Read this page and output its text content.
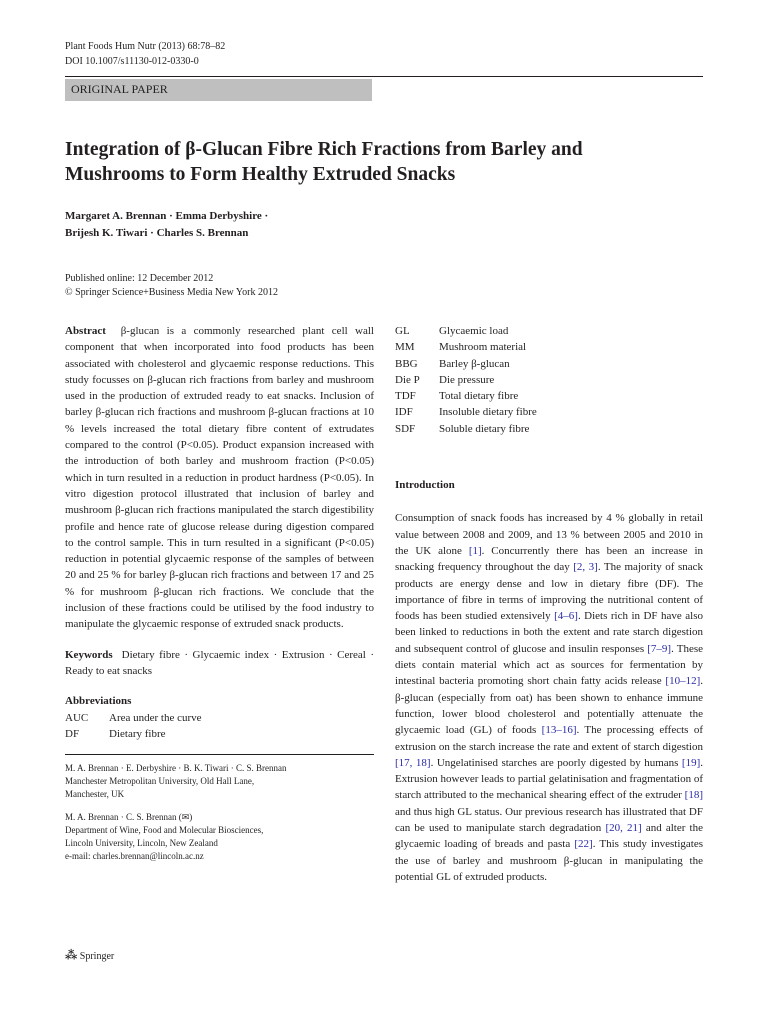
Plant Foods Hum Nutr (2013) 68:78–82
DOI 10.1007/s11130-012-0330-0
ORIGINAL PAPER
Integration of β-Glucan Fibre Rich Fractions from Barley and Mushrooms to Form Healthy Extruded Snacks
Margaret A. Brennan · Emma Derbyshire ·
Brijesh K. Tiwari · Charles S. Brennan
Published online: 12 December 2012
© Springer Science+Business Media New York 2012

Abstract β-glucan is a commonly researched plant cell wall component that when incorporated into food products has been associated with cholesterol and glycaemic response reductions. This study focusses on β-glucan rich fractions from barley and mushroom used in the production of extruded ready to eat snacks. Inclusion of barley β-glucan rich fractions and mushroom β-glucan fractions at 10 % levels increased the total dietary fibre content of extrudates compared to the control (P<0.05). Product expansion increased with the introduction of both barley and mushroom fraction (P<0.05) which in turn resulted in a reduction in product hardness (P<0.05). In vitro digestion protocol illustrated that inclusion of barley and mushroom β-glucan rich fractions manipulated the starch digestibility profile and hence rate of glucose release during digestion compared to the control sample. This in turn resulted in a significant (P<0.05) reduction in potential glycaemic response of the samples of between 20 and 25 % for barley β-glucan rich fractions and between 17 and 25 % for mushroom β-glucan rich fractions. We conclude that the inclusion of these fractions could be utilised by the food industry to manipulate the glycaemic response of extruded snack products.

Keywords Dietary fibre · Glycaemic index · Extrusion · Cereal · Ready to eat snacks

Abbreviations
AUC	Area under the curve
DF	Dietary fibre
M. A. Brennan · E. Derbyshire · B. K. Tiwari · C. S. Brennan
Manchester Metropolitan University, Old Hall Lane,
Manchester, UK
M. A. Brennan · C. S. Brennan (✉)
Department of Wine, Food and Molecular Biosciences,
Lincoln University, Lincoln, New Zealand
e-mail: charles.brennan@lincoln.ac.nz
GL	Glycaemic load
MM	Mushroom material
BBG	Barley β-glucan
Die P	Die pressure
TDF	Total dietary fibre
IDF	Insoluble dietary fibre
SDF	Soluble dietary fibre
Introduction

Consumption of snack foods has increased by 4 % globally in retail value between 2008 and 2009, and 13 % between 2005 and 2010 in the UK alone [1]. Concurrently there has been an increase in snacking frequency throughout the day [2, 3]. The majority of snack products are energy dense and low in dietary fibre (DF). The importance of fibre in terms of improving the nutritional content of foods has been studied extensively [4–6]. Diets rich in DF have also been linked to reductions in both the extent and rate starch digestion and subsequent control of glucose and insulin responses [7–9]. These diets contain material which act as sources for fermentation by intestinal bacteria promoting short chain fatty acids release [10–12]. β-glucan (especially from oat) has been shown to enhance immune function, lower blood cholesterol and potentially attenuate the glycaemic load (GL) of foods [13–16]. The processing effects of extrusion on the starch increase the rate and extent of starch digestion [17, 18]. Ungelatinised starches are poorly digested by humans [19]. Extrusion however leads to partial gelatinisation and fragmentation of starch attributed to the mechanical shearing effect of the extruder [18] and thus high GL status. Our previous research has illustrated that DF can be used to manipulate starch degradation [20, 21] and alter the glycaemic loading of breads and pasta [22]. This study investigates the use of barley and mushroom β-glucan in manipulating the potential GL of extruded products.

⁂ Springer
